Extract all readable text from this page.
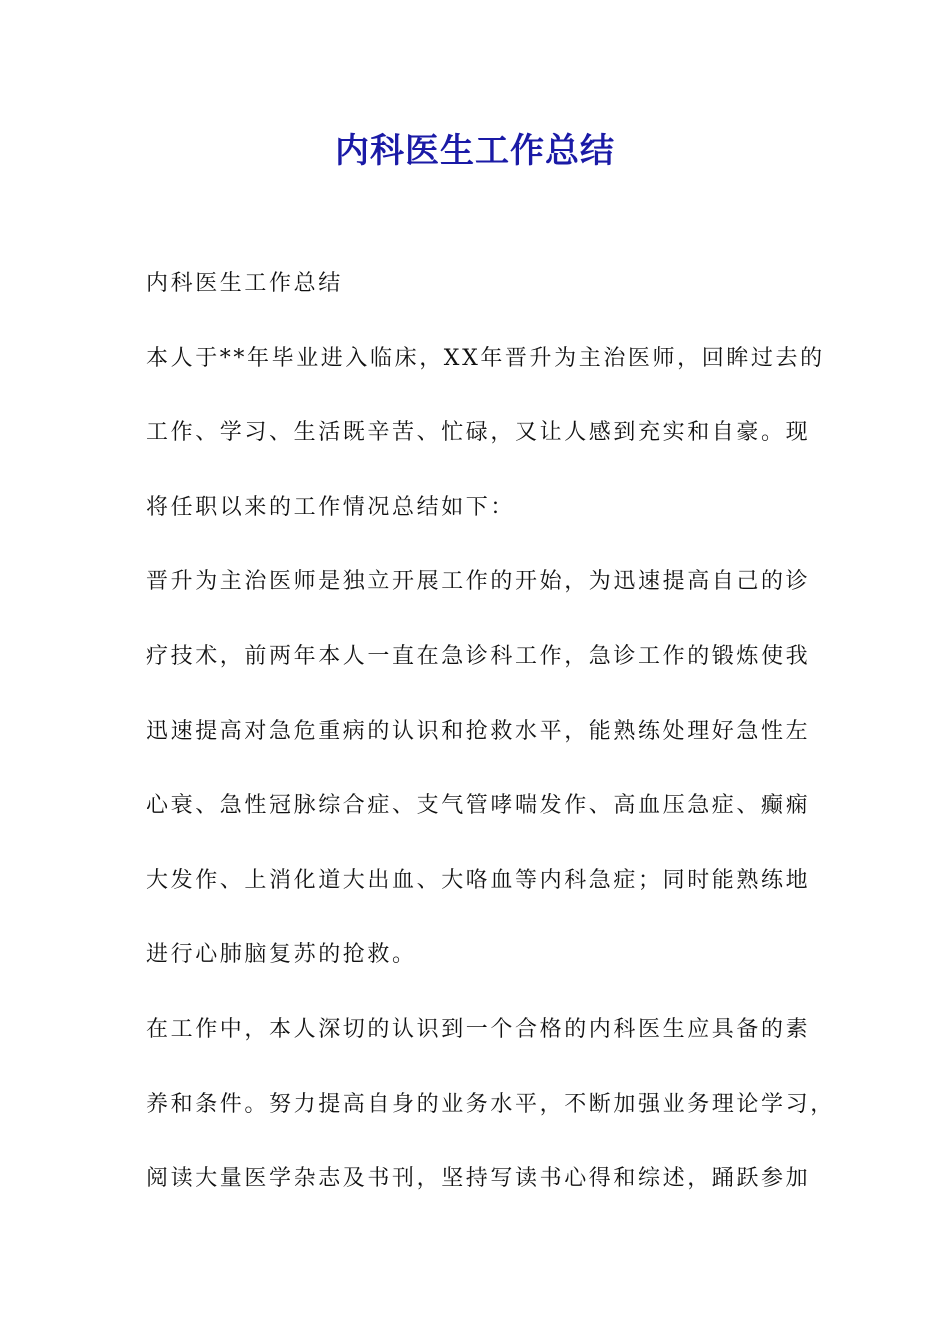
内科医生工作总结
内科医生工作总结
本人于**年毕业进入临床，XX年晋升为主治医师，回眸过去的
工作、学习、生活既辛苦、忙碌，又让人感到充实和自豪。现
将任职以来的工作情况总结如下：
晋升为主治医师是独立开展工作的开始，为迅速提高自己的诊
疗技术，前两年本人一直在急诊科工作，急诊工作的锻炼使我
迅速提高对急危重病的认识和抢救水平，能熟练处理好急性左
心衰、急性冠脉综合症、支气管哮喘发作、高血压急症、癫痫
大发作、上消化道大出血、大咯血等内科急症；同时能熟练地
进行心肺脑复苏的抢救。
在工作中，本人深切的认识到一个合格的内科医生应具备的素
养和条件。努力提高自身的业务水平，不断加强业务理论学习，
阅读大量医学杂志及书刊，坚持写读书心得和综述，踊跃参加
